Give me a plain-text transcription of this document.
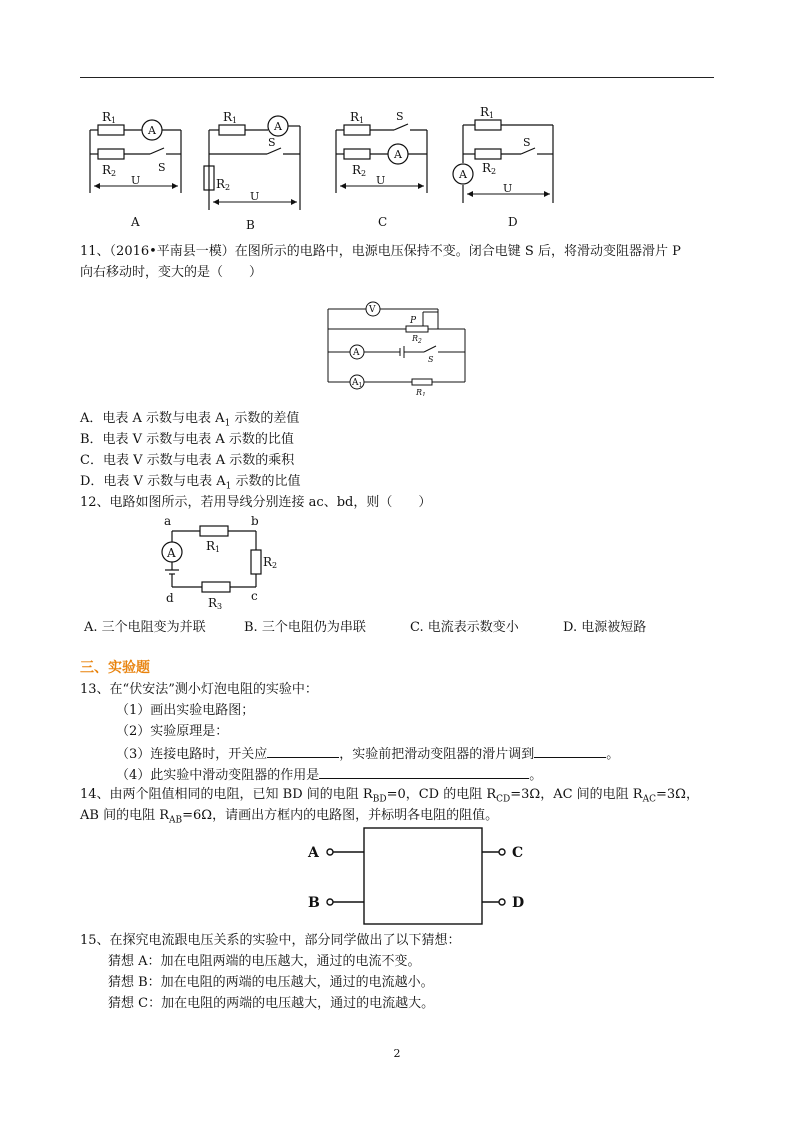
R1
A
S
R2
U
A
R1	A
S
R2
U
B
R1	S
A
R2
U
C
R1
S
A R2
U
D
11、（2016•平南县一模）在图所示的电路中，电源电压保持不变。闭合电键 S 后，将滑动变阻器滑片 P
向右移动时，变大的是（　　）
V
P
$R_2$
A
S
$A_1$
$R_1$
A．电表 A 示数与电表 $A_1$ 示数的差值
B．电表 V 示数与电表 A 示数的比值
C．电表 V 示数与电表 A 示数的乘积
D．电表 V 示数与电表 $A_1$ 示数的比值
12、电路如图所示，若用导线分别连接 ac、bd，则（　　）
a	b
c
d
A	R1
R2
R3
A. 三个电阻变为并联	B. 三个电阻仍为串联	C. 电流表示数变小	D. 电源被短路
三、实验题
13、在“伏安法”测小灯泡电阻的实验中：
（1）画出实验电路图；
（2）实验原理是：
（3）连接电路时，开关应	，实验前把滑动变阻器的滑片调到	。
（4）此实验中滑动变阻器的作用是	。
14、由两个阻值相同的电阻，已知 BD 间的电阻 $R_{BD}=0$，CD 的电阻 $R_{CD}=3\Omega$，AC 间的电阻 $R_{AC}=3\Omega$，
AB 间的电阻 $R_{AB}=6\Omega$，请画出方框内的电路图，并标明各电阻的阻值。
A	C
B	D
15、在探究电流跟电压关系的实验中，部分同学做出了以下猜想：
猜想 A：加在电阻两端的电压越大，通过的电流不变。
猜想 B：加在电阻的两端的电压越大，通过的电流越小。
猜想 C：加在电阻的两端的电压越大，通过的电流越大。
2
